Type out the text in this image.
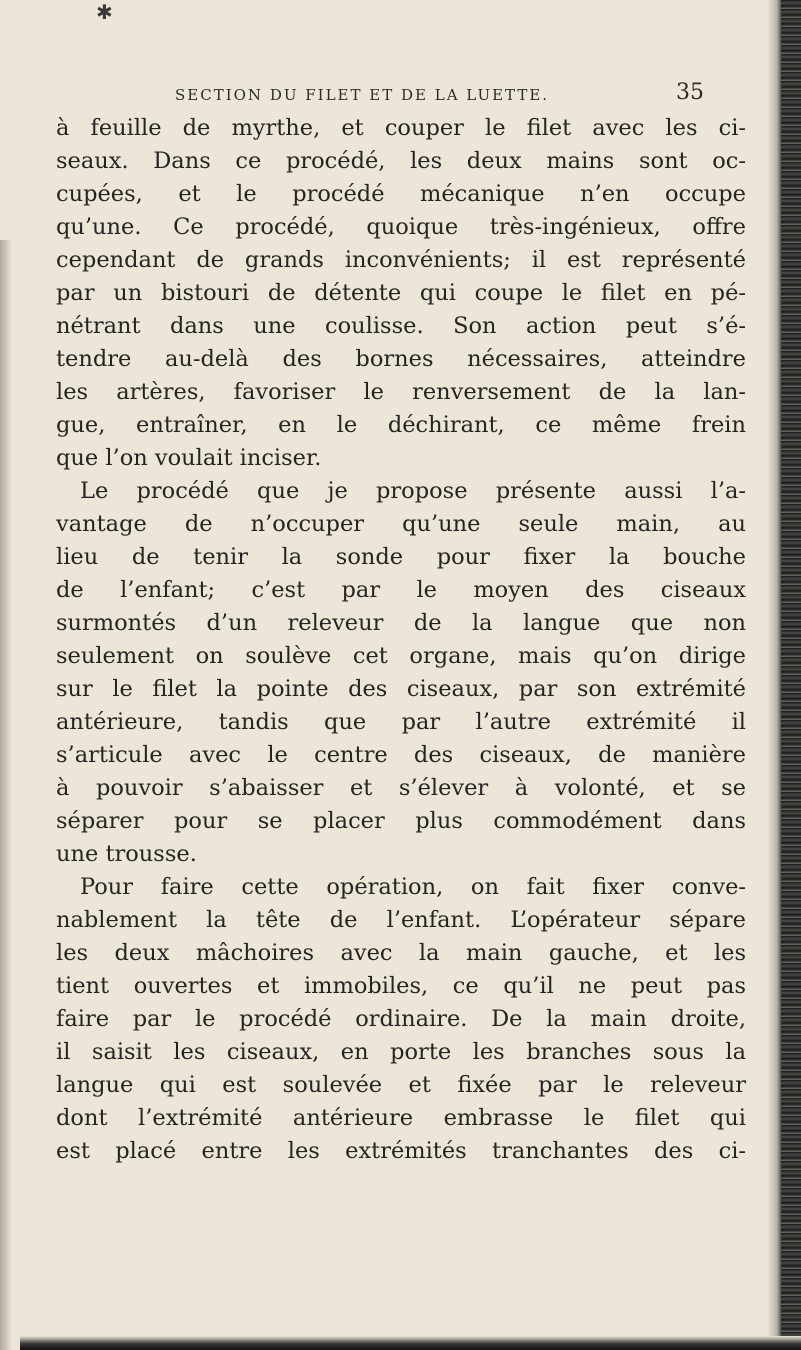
✱
SECTION DU FILET ET DE LA LUETTE.	35
à feuille de myrthe, et couper le filet avec les ci-
seaux. Dans ce procédé, les deux mains sont oc-
cupées, et le procédé mécanique n’en occupe
qu’une. Ce procédé, quoique très-ingénieux, offre
cependant de grands inconvénients; il est représenté
par un bistouri de détente qui coupe le filet en pé-
nétrant dans une coulisse. Son action peut s’é-
tendre au-delà des bornes nécessaires, atteindre
les artères, favoriser le renversement de la lan-
gue, entraîner, en le déchirant, ce même frein
que l’on voulait inciser.
Le procédé que je propose présente aussi l’a-
vantage de n’occuper qu’une seule main, au
lieu de tenir la sonde pour fixer la bouche
de l’enfant; c’est par le moyen des ciseaux
surmontés d’un releveur de la langue que non
seulement on soulève cet organe, mais qu’on dirige
sur le filet la pointe des ciseaux, par son extrémité
antérieure, tandis que par l’autre extrémité il
s’articule avec le centre des ciseaux, de manière
à pouvoir s’abaisser et s’élever à volonté, et se
séparer pour se placer plus commodément dans
une trousse.
Pour faire cette opération, on fait fixer conve-
nablement la tête de l’enfant. L’opérateur sépare
les deux mâchoires avec la main gauche, et les
tient ouvertes et immobiles, ce qu’il ne peut pas
faire par le procédé ordinaire. De la main droite,
il saisit les ciseaux, en porte les branches sous la
langue qui est soulevée et fixée par le releveur
dont l’extrémité antérieure embrasse le filet qui
est placé entre les extrémités tranchantes des ci-
